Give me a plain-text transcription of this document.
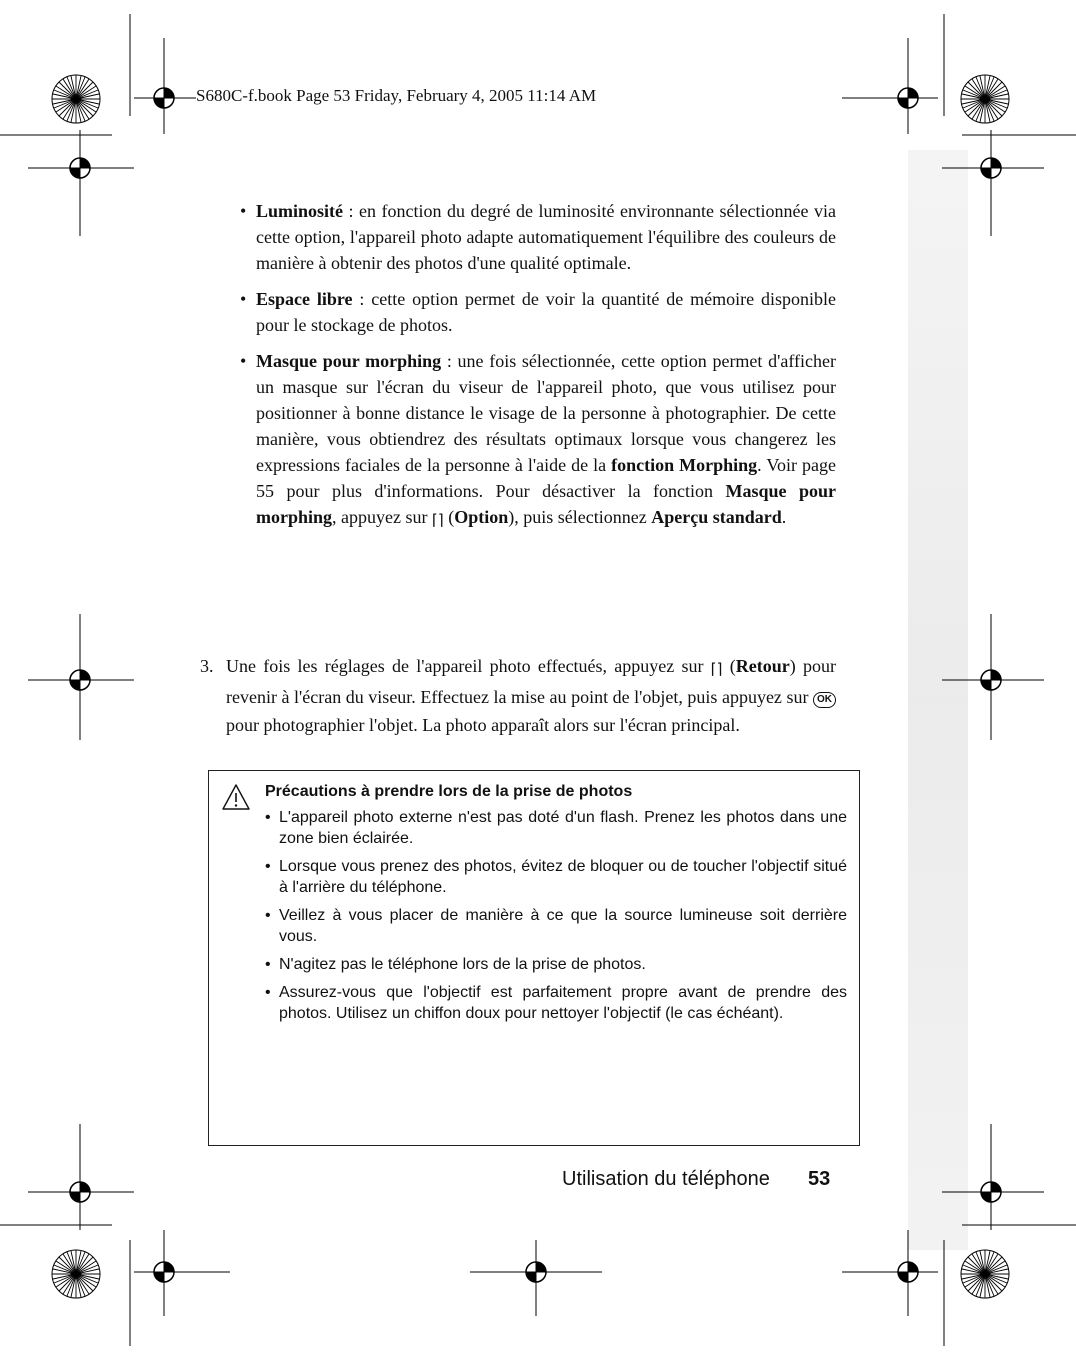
S680C-f.book Page 53 Friday, February 4, 2005 11:14 AM
• Luminosité : en fonction du degré de luminosité environnante sélectionnée via cette option, l'appareil photo adapte automatiquement l'équilibre des couleurs de manière à obtenir des photos d'une qualité optimale.
• Espace libre : cette option permet de voir la quantité de mémoire disponible pour le stockage de photos.
• Masque pour morphing : une fois sélectionnée, cette option permet d'afficher un masque sur l'écran du viseur de l'appareil photo, que vous utilisez pour positionner à bonne distance le visage de la personne à photographier. De cette manière, vous obtiendrez des résultats optimaux lorsque vous changerez les expressions faciales de la personne à l'aide de la fonction Morphing. Voir page 55 pour plus d'informations. Pour désactiver la fonction Masque pour morphing, appuyez sur ⌈⌉ (Option), puis sélectionnez Aperçu standard.
3. Une fois les réglages de l'appareil photo effectués, appuyez sur ⌈⌉ (Retour) pour revenir à l'écran du viseur. Effectuez la mise au point de l'objet, puis appuyez sur OK pour photographier l'objet. La photo apparaît alors sur l'écran principal.
Précautions à prendre lors de la prise de photos
• L'appareil photo externe n'est pas doté d'un flash. Prenez les photos dans une zone bien éclairée.
• Lorsque vous prenez des photos, évitez de bloquer ou de toucher l'objectif situé à l'arrière du téléphone.
• Veillez à vous placer de manière à ce que la source lumineuse soit derrière vous.
• N'agitez pas le téléphone lors de la prise de photos.
• Assurez-vous que l'objectif est parfaitement propre avant de prendre des photos. Utilisez un chiffon doux pour nettoyer l'objectif (le cas échéant).
Utilisation du téléphone 53
